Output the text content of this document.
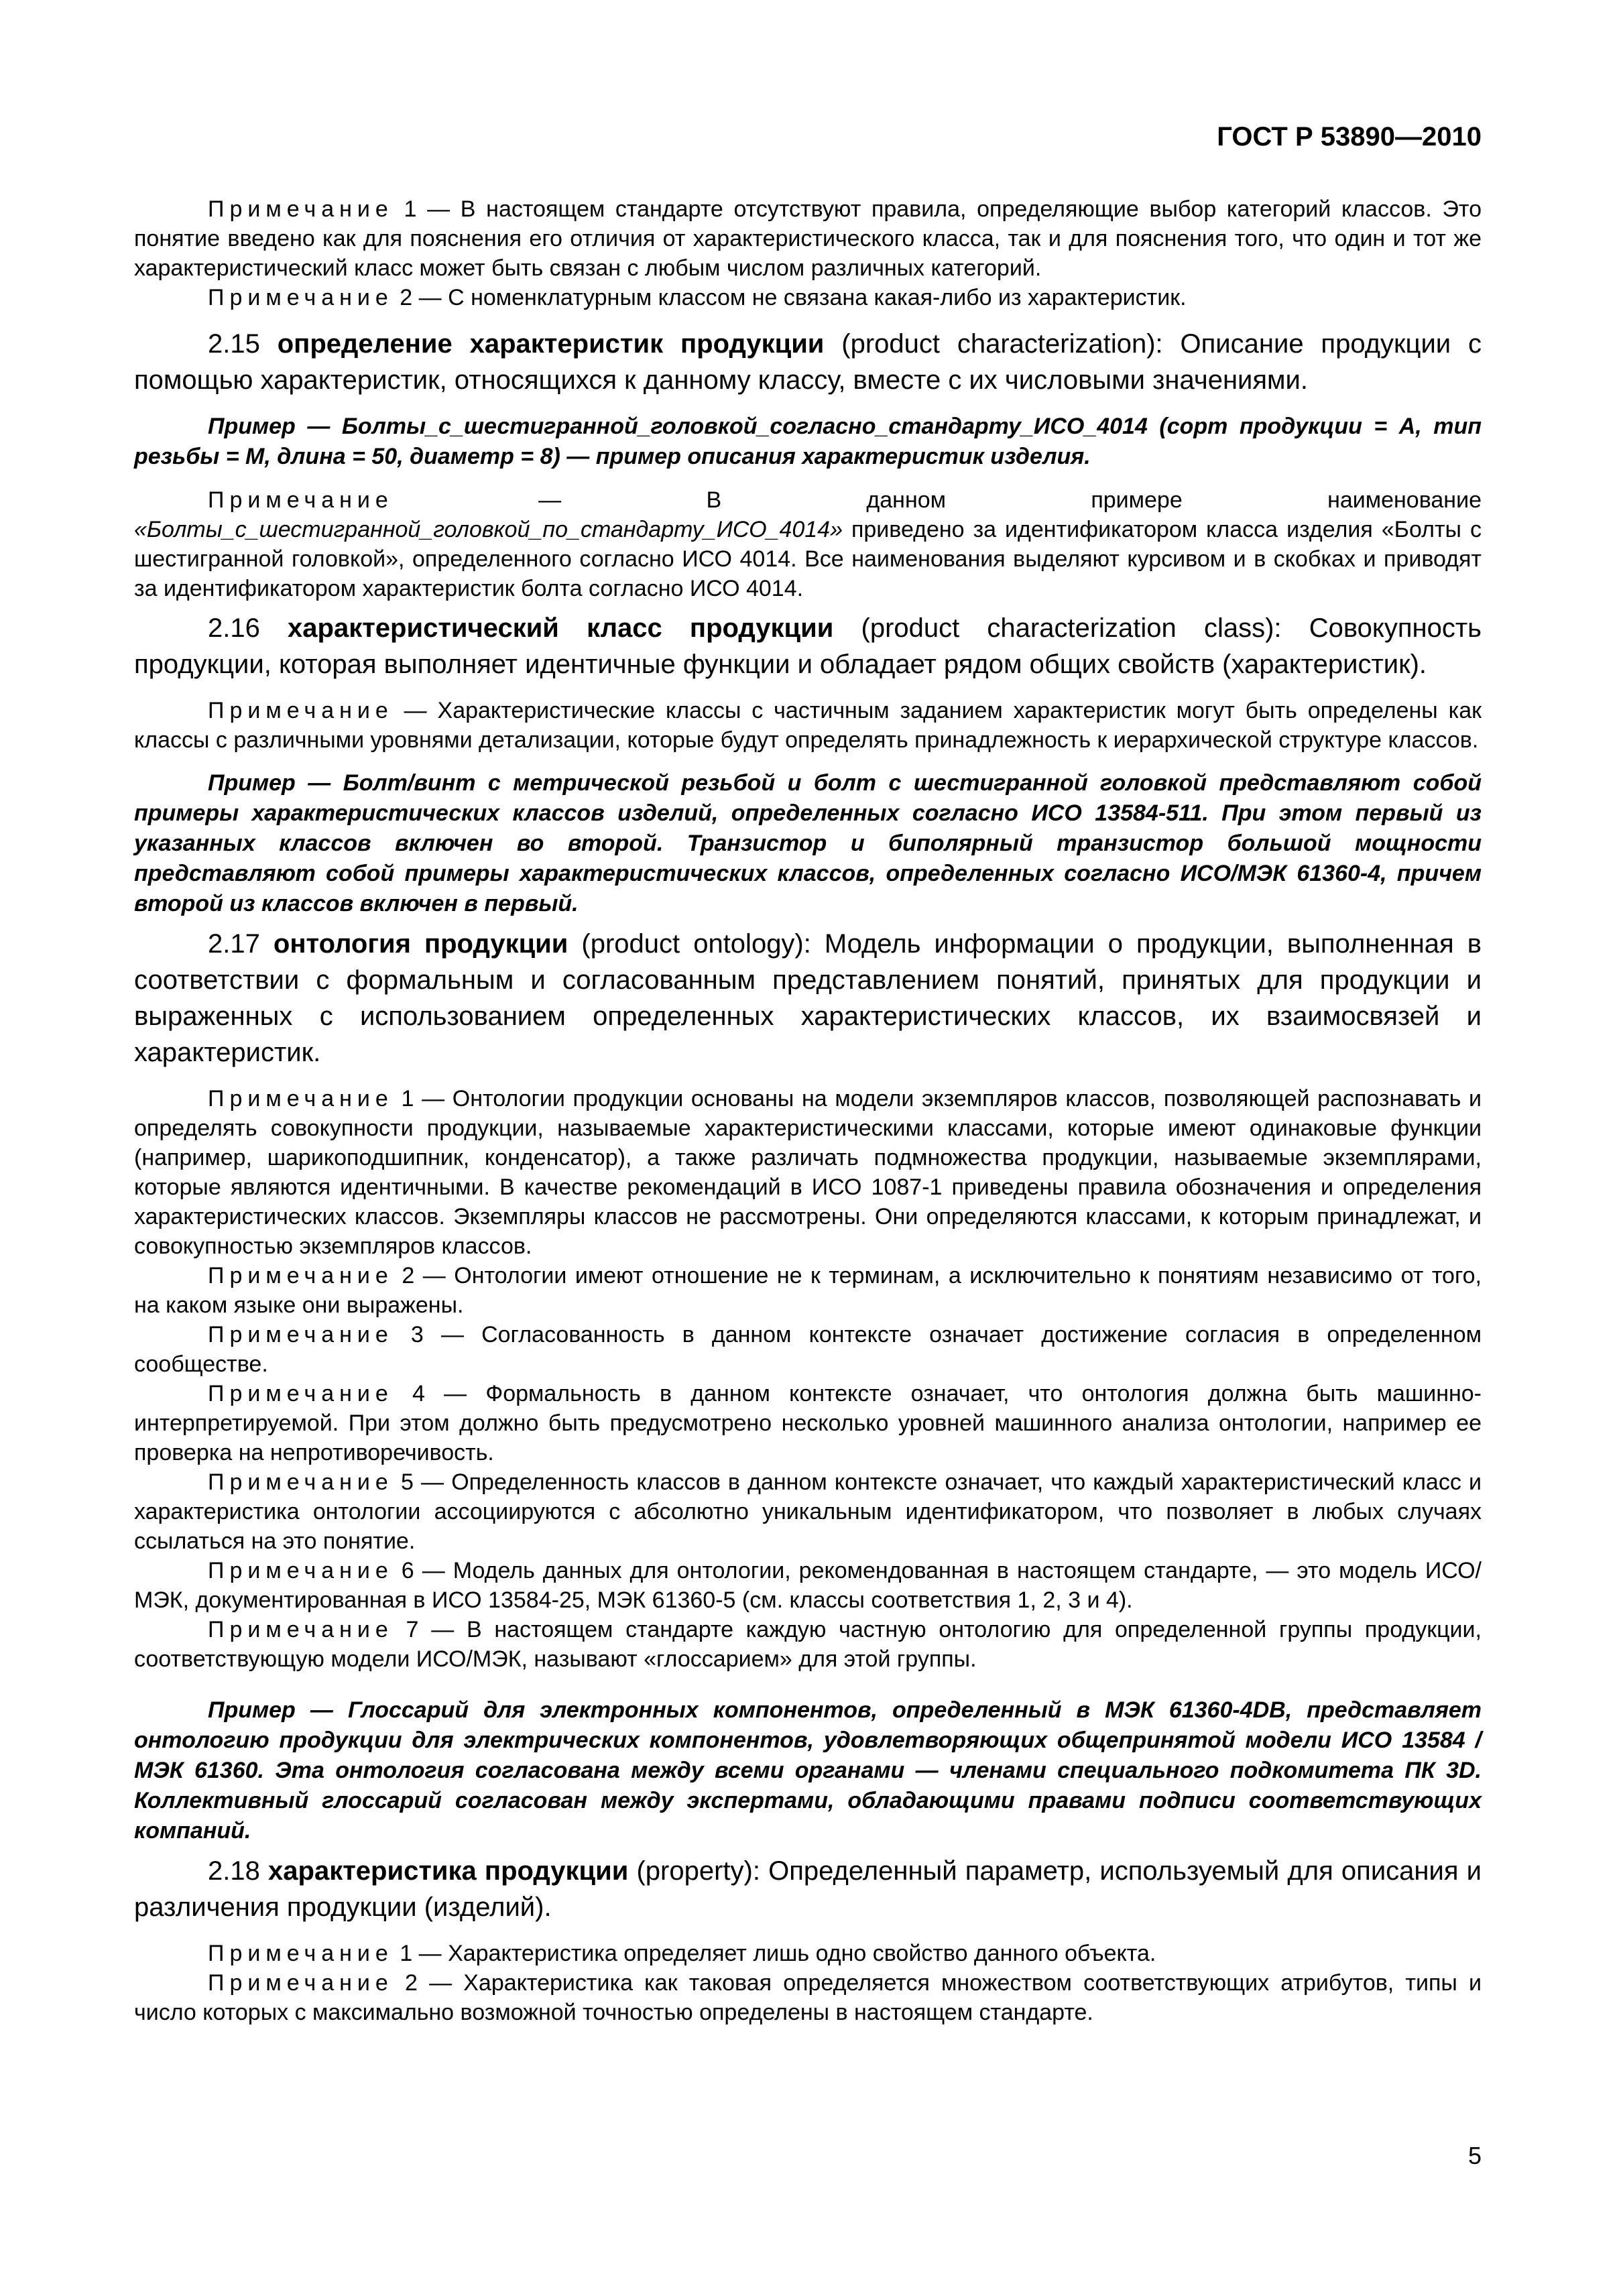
ГОСТ Р 53890—2010

Примечание 1 — В настоящем стандарте отсутствуют правила, определяющие выбор категорий классов. Это понятие введено как для пояснения его отличия от характеристического класса, так и для пояснения того, что один и тот же характеристический класс может быть связан с любым числом различных категорий.

Примечание 2 — С номенклатурным классом не связана какая-либо из характеристик.

2.15 определение характеристик продукции (product characterization): Описание продукции с помощью характеристик, относящихся к данному классу, вместе с их числовыми значениями.

Пример — Болты_с_шестигранной_головкой_согласно_стандарту_ИСО_4014 (сорт продукции = A, тип резьбы = M, длина = 50, диаметр = 8) — пример описания характеристик изделия.

Примечание — В данном примере наименование «Болты_с_шестигранной_головкой_по_стандарту_ИСО_4014» приведено за идентификатором класса изделия «Болты с шестигранной головкой», определенного согласно ИСО 4014. Все наименования выделяют курсивом и в скобках и приводят за идентификатором характеристик болта согласно ИСО 4014.

2.16 характеристический класс продукции (product characterization class): Совокупность продукции, которая выполняет идентичные функции и обладает рядом общих свойств (характеристик).

Примечание — Характеристические классы с частичным заданием характеристик могут быть определены как классы с различными уровнями детализации, которые будут определять принадлежность к иерархической структуре классов.

Пример — Болт/винт с метрической резьбой и болт с шестигранной головкой представляют собой примеры характеристических классов изделий, определенных согласно ИСО 13584-511. При этом первый из указанных классов включен во второй. Транзистор и биполярный транзистор большой мощности представляют собой примеры характеристических классов, определенных согласно ИСО/МЭК 61360-4, причем второй из классов включен в первый.

2.17 онтология продукции (product ontology): Модель информации о продукции, выполненная в соответствии с формальным и согласованным представлением понятий, принятых для продукции и выраженных с использованием определенных характеристических классов, их взаимосвязей и характеристик.

Примечание 1 — Онтологии продукции основаны на модели экземпляров классов, позволяющей распознавать и определять совокупности продукции, называемые характеристическими классами, которые имеют одинаковые функции (например, шарикоподшипник, конденсатор), а также различать подмножества продукции, называемые экземплярами, которые являются идентичными. В качестве рекомендаций в ИСО 1087-1 приведены правила обозначения и определения характеристических классов. Экземпляры классов не рассмотрены. Они определяются классами, к которым принадлежат, и совокупностью экземпляров классов.

Примечание 2 — Онтологии имеют отношение не к терминам, а исключительно к понятиям независимо от того, на каком языке они выражены.

Примечание 3 — Согласованность в данном контексте означает достижение согласия в определенном сообществе.

Примечание 4 — Формальность в данном контексте означает, что онтология должна быть машинно-интерпретируемой. При этом должно быть предусмотрено несколько уровней машинного анализа онтологии, например ее проверка на непротиворечивость.

Примечание 5 — Определенность классов в данном контексте означает, что каждый характеристический класс и характеристика онтологии ассоциируются с абсолютно уникальным идентификатором, что позволяет в любых случаях ссылаться на это понятие.

Примечание 6 — Модель данных для онтологии, рекомендованная в настоящем стандарте, — это модель ИСО/МЭК, документированная в ИСО 13584-25, МЭК 61360-5 (см. классы соответствия 1, 2, 3 и 4).

Примечание 7 — В настоящем стандарте каждую частную онтологию для определенной группы продукции, соответствующую модели ИСО/МЭК, называют «глоссарием» для этой группы.

Пример — Глоссарий для электронных компонентов, определенный в МЭК 61360-4DB, представляет онтологию продукции для электрических компонентов, удовлетворяющих общепринятой модели ИСО 13584 / МЭК 61360. Эта онтология согласована между всеми органами — членами специального подкомитета ПК 3D. Коллективный глоссарий согласован между экспертами, обладающими правами подписи соответствующих компаний.

2.18 характеристика продукции (property): Определенный параметр, используемый для описания и различения продукции (изделий).

Примечание 1 — Характеристика определяет лишь одно свойство данного объекта.

Примечание 2 — Характеристика как таковая определяется множеством соответствующих атрибутов, типы и число которых с максимально возможной точностью определены в настоящем стандарте.

5
